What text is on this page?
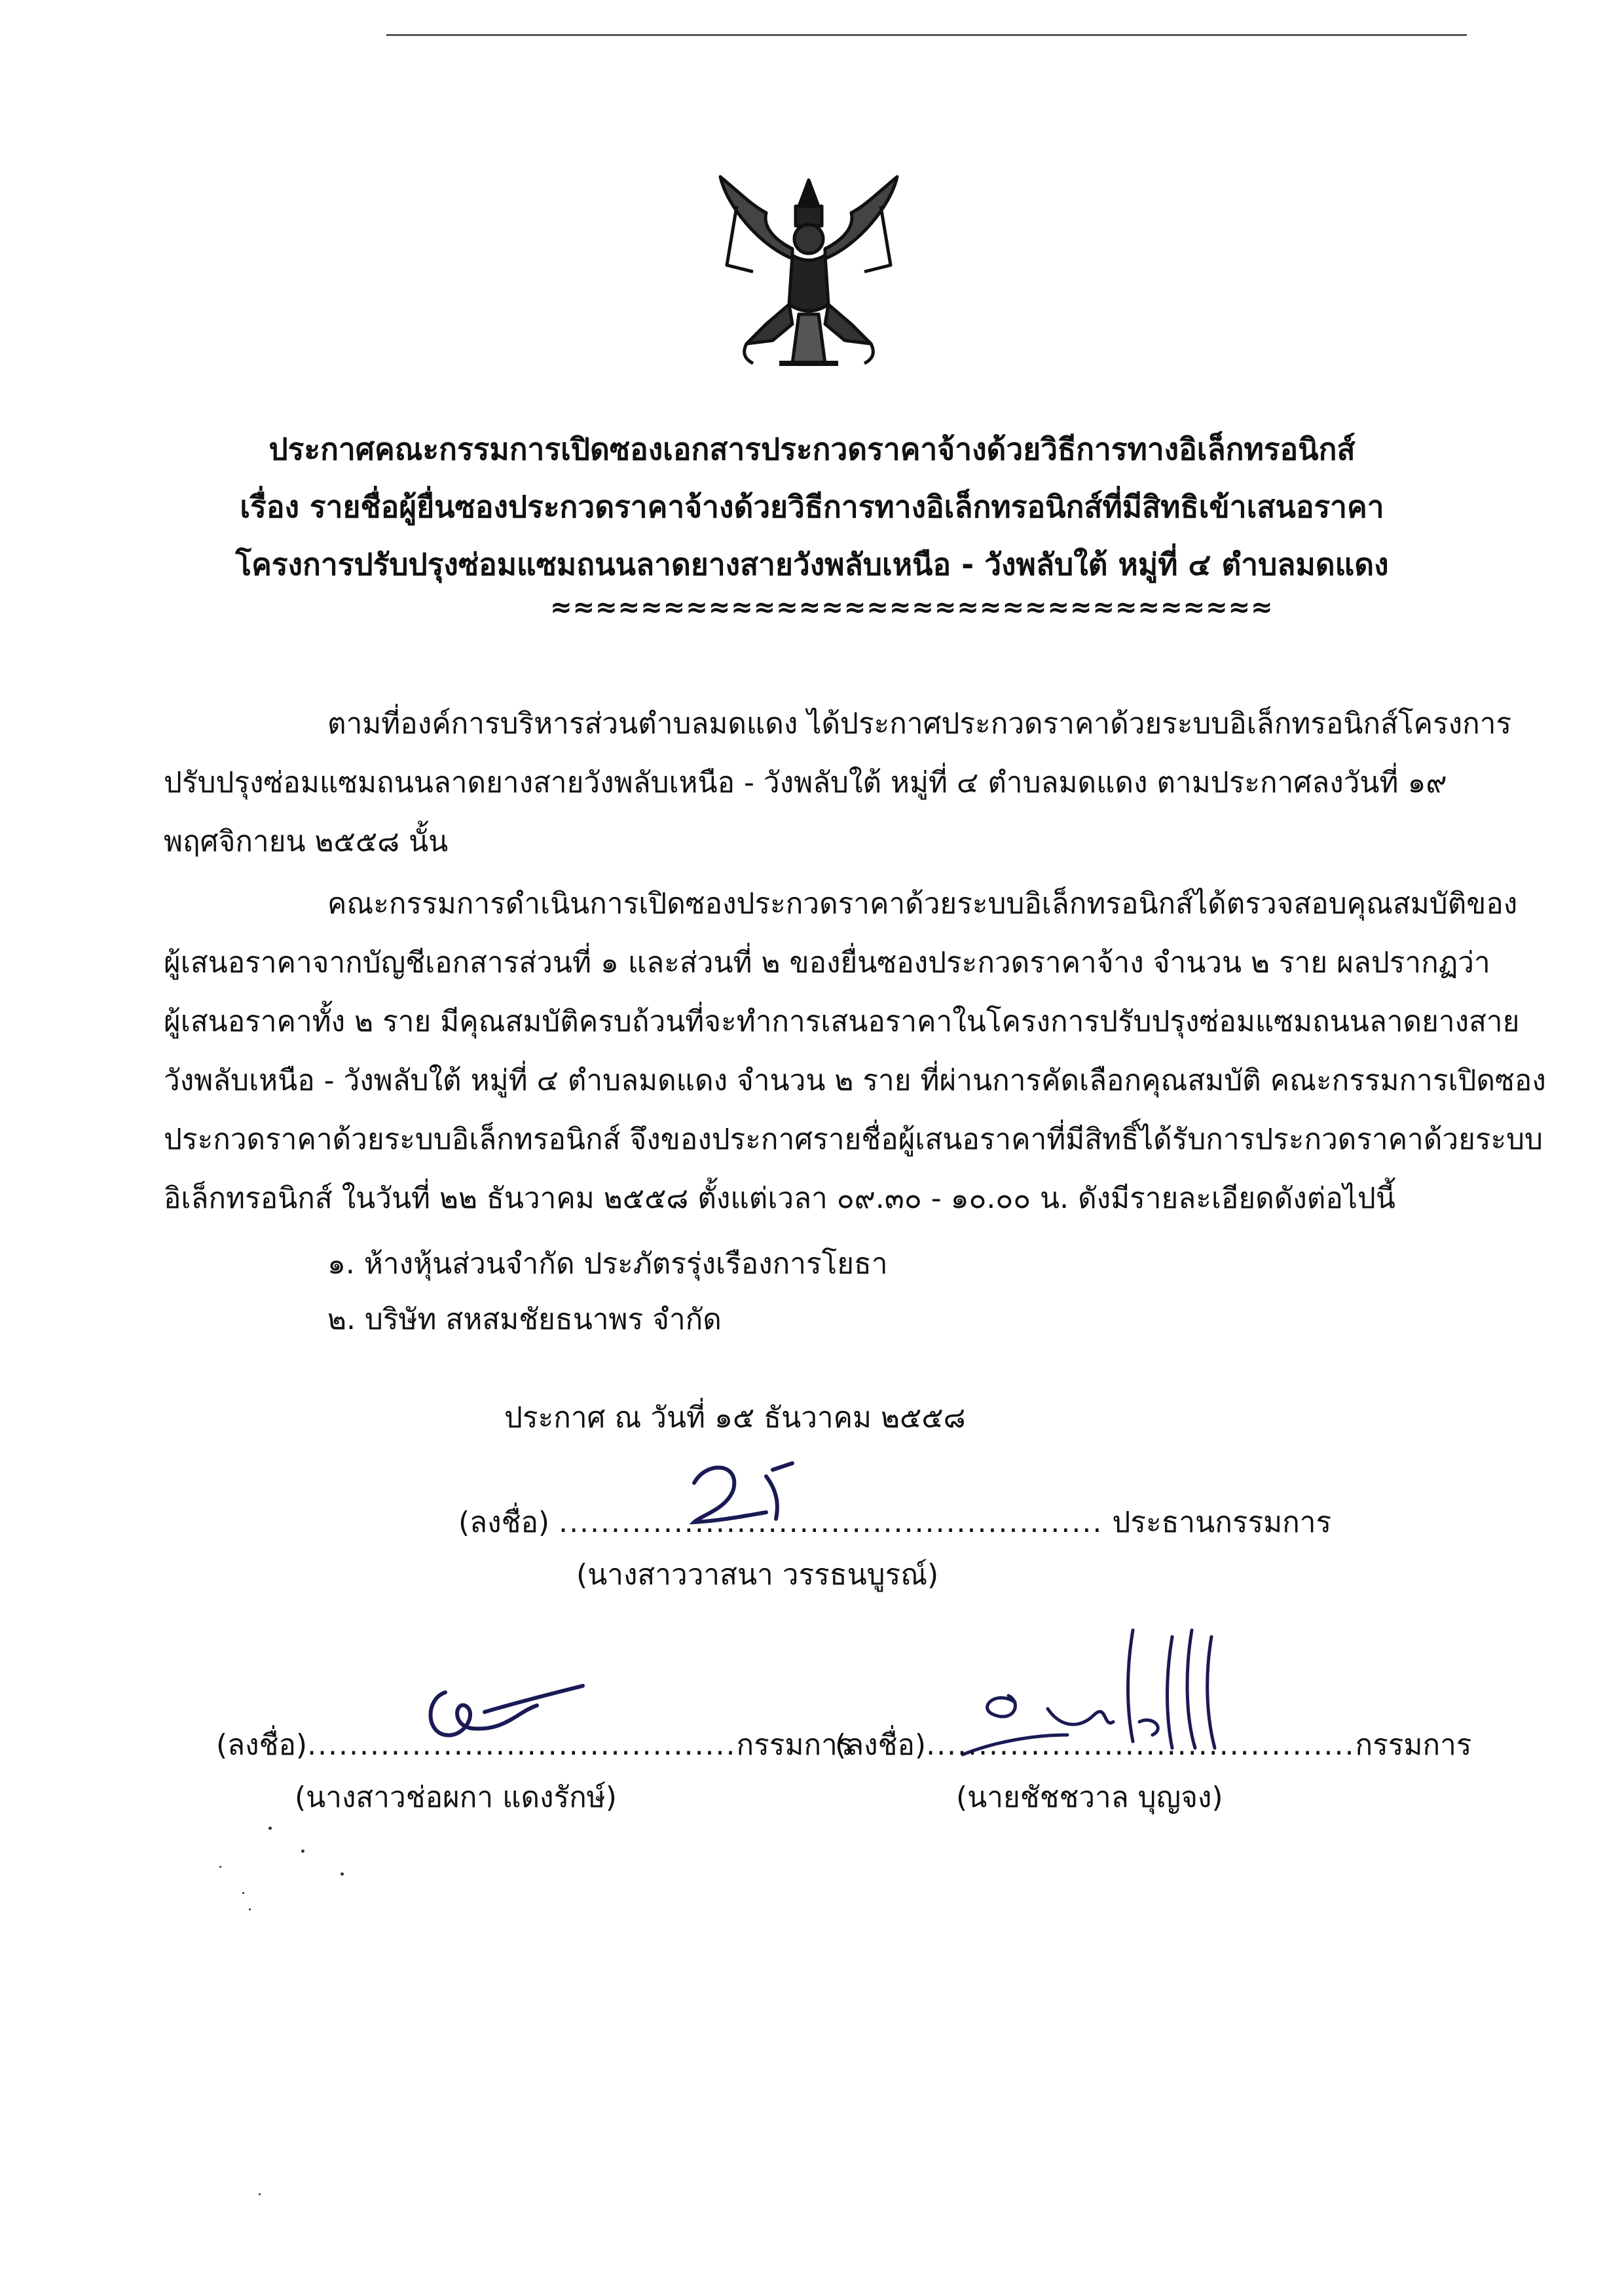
ประกาศคณะกรรมการเปิดซองเอกสารประกวดราคาจ้างด้วยวิธีการทางอิเล็กทรอนิกส์
เรื่อง รายชื่อผู้ยื่นซองประกวดราคาจ้างด้วยวิธีการทางอิเล็กทรอนิกส์ที่มีสิทธิเข้าเสนอราคา
โครงการปรับปรุงซ่อมแซมถนนลาดยางสายวังพลับเหนือ - วังพลับใต้ หมู่ที่ ๔ ตำบลมดแดง
≈≈≈≈≈≈≈≈≈≈≈≈≈≈≈≈≈≈≈≈≈≈≈≈≈≈≈≈≈≈≈≈
ตามที่องค์การบริหารส่วนตำบลมดแดง ได้ประกาศประกวดราคาด้วยระบบอิเล็กทรอนิกส์โครงการ
ปรับปรุงซ่อมแซมถนนลาดยางสายวังพลับเหนือ - วังพลับใต้ หมู่ที่ ๔ ตำบลมดแดง ตามประกาศลงวันที่ ๑๙
พฤศจิกายน ๒๕๕๘ นั้น
คณะกรรมการดำเนินการเปิดซองประกวดราคาด้วยระบบอิเล็กทรอนิกส์ได้ตรวจสอบคุณสมบัติของ
ผู้เสนอราคาจากบัญชีเอกสารส่วนที่ ๑ และส่วนที่ ๒ ของยื่นซองประกวดราคาจ้าง จำนวน ๒ ราย ผลปรากฏว่า
ผู้เสนอราคาทั้ง ๒ ราย มีคุณสมบัติครบถ้วนที่จะทำการเสนอราคาในโครงการปรับปรุงซ่อมแซมถนนลาดยางสาย
วังพลับเหนือ - วังพลับใต้ หมู่ที่ ๔ ตำบลมดแดง จำนวน ๒ ราย ที่ผ่านการคัดเลือกคุณสมบัติ คณะกรรมการเปิดซอง
ประกวดราคาด้วยระบบอิเล็กทรอนิกส์ จึงของประกาศรายชื่อผู้เสนอราคาที่มีสิทธิ์ได้รับการประกวดราคาด้วยระบบ
อิเล็กทรอนิกส์ ในวันที่ ๒๒ ธันวาคม ๒๕๕๘ ตั้งแต่เวลา ๐๙.๓๐ - ๑๐.๐๐ น. ดังมีรายละเอียดดังต่อไปนี้
๑. ห้างหุ้นส่วนจำกัด ประภัตรรุ่งเรืองการโยธา
๒. บริษัท สหสมชัยธนาพร จำกัด
ประกาศ ณ วันที่ ๑๕ ธันวาคม ๒๕๕๘
(ลงชื่อ) .................................................... ประธานกรรมการ
(นางสาววาสนา วรรธนบูรณ์)
(ลงชื่อ).........................................กรรมการ
(นางสาวช่อผกา แดงรักษ์)
(ลงชื่อ).........................................กรรมการ
(นายชัชชวาล บุญจง)
